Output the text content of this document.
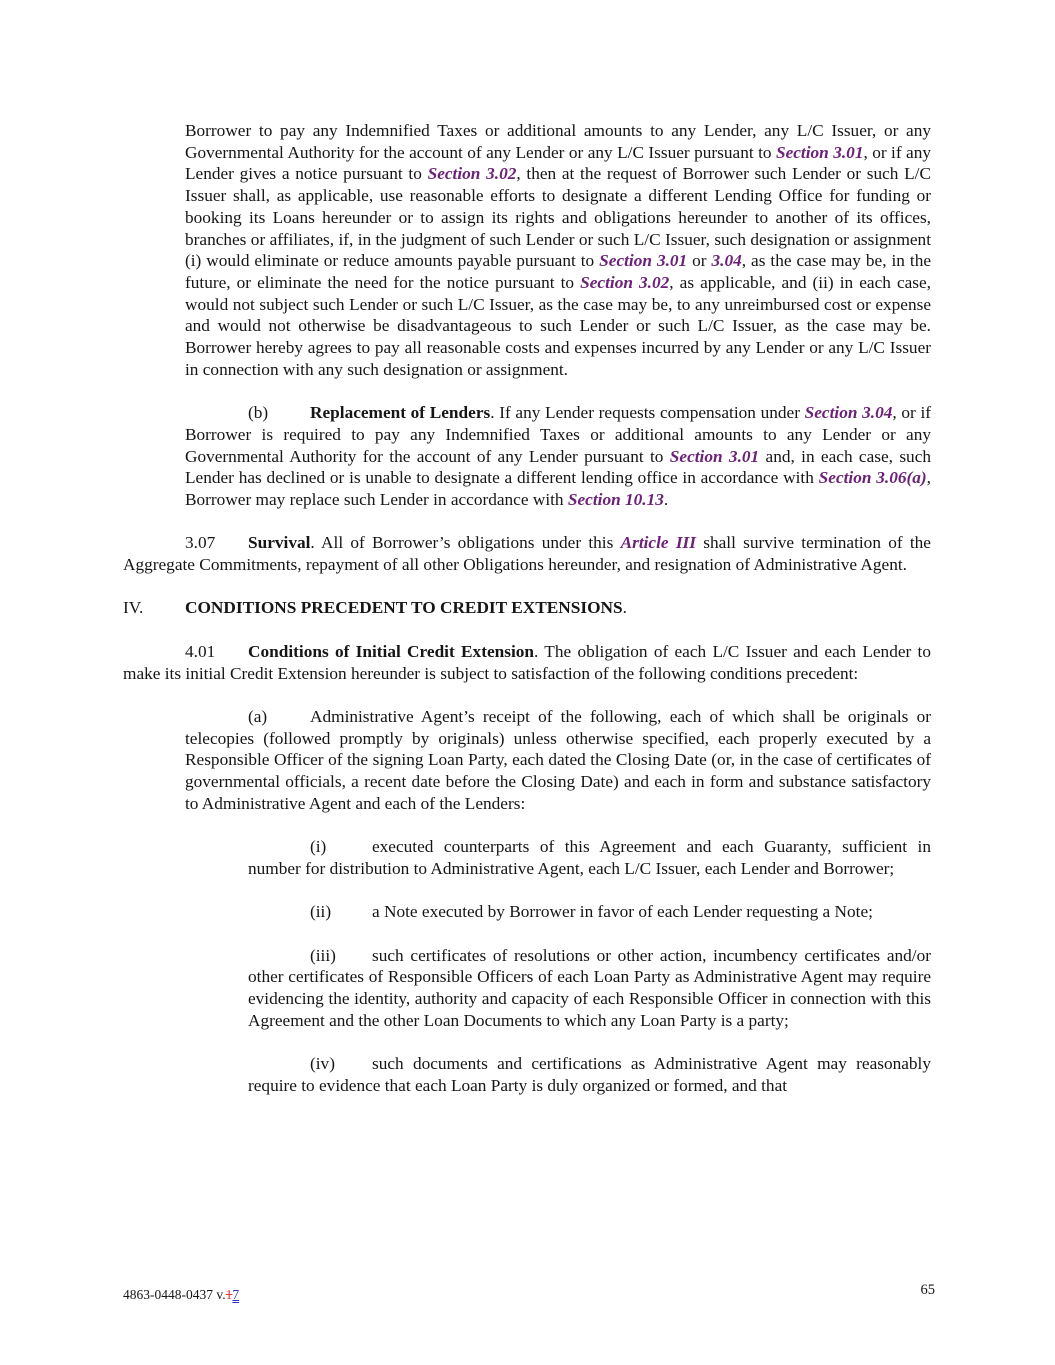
Borrower to pay any Indemnified Taxes or additional amounts to any Lender, any L/C Issuer, or any Governmental Authority for the account of any Lender or any L/C Issuer pursuant to Section 3.01, or if any Lender gives a notice pursuant to Section 3.02, then at the request of Borrower such Lender or such L/C Issuer shall, as applicable, use reasonable efforts to designate a different Lending Office for funding or booking its Loans hereunder or to assign its rights and obligations hereunder to another of its offices, branches or affiliates, if, in the judgment of such Lender or such L/C Issuer, such designation or assignment (i) would eliminate or reduce amounts payable pursuant to Section 3.01 or 3.04, as the case may be, in the future, or eliminate the need for the notice pursuant to Section 3.02, as applicable, and (ii) in each case, would not subject such Lender or such L/C Issuer, as the case may be, to any unreimbursed cost or expense and would not otherwise be disadvantageous to such Lender or such L/C Issuer, as the case may be. Borrower hereby agrees to pay all reasonable costs and expenses incurred by any Lender or any L/C Issuer in connection with any such designation or assignment.

(b) Replacement of Lenders. If any Lender requests compensation under Section 3.04, or if Borrower is required to pay any Indemnified Taxes or additional amounts to any Lender or any Governmental Authority for the account of any Lender pursuant to Section 3.01 and, in each case, such Lender has declined or is unable to designate a different lending office in accordance with Section 3.06(a), Borrower may replace such Lender in accordance with Section 10.13.

3.07 Survival. All of Borrower’s obligations under this Article III shall survive termination of the Aggregate Commitments, repayment of all other Obligations hereunder, and resignation of Administrative Agent.

IV. CONDITIONS PRECEDENT TO CREDIT EXTENSIONS.

4.01 Conditions of Initial Credit Extension. The obligation of each L/C Issuer and each Lender to make its initial Credit Extension hereunder is subject to satisfaction of the following conditions precedent:

(a) Administrative Agent’s receipt of the following, each of which shall be originals or telecopies (followed promptly by originals) unless otherwise specified, each properly executed by a Responsible Officer of the signing Loan Party, each dated the Closing Date (or, in the case of certificates of governmental officials, a recent date before the Closing Date) and each in form and substance satisfactory to Administrative Agent and each of the Lenders:

(i)	executed counterparts of this Agreement and each Guaranty, sufficient in number for distribution to Administrative Agent, each L/C Issuer, each Lender and Borrower;

(ii) a Note executed by Borrower in favor of each Lender requesting a Note;

(iii) such certificates of resolutions or other action, incumbency certificates and/or other certificates of Responsible Officers of each Loan Party as Administrative Agent may require evidencing the identity, authority and capacity of each Responsible Officer in connection with this Agreement and the other Loan Documents to which any Loan Party is a party;

(iv) such documents and certifications as Administrative Agent may reasonably require to evidence that each Loan Party is duly organized or formed, and that

4863-0448-0437 v.17	65
